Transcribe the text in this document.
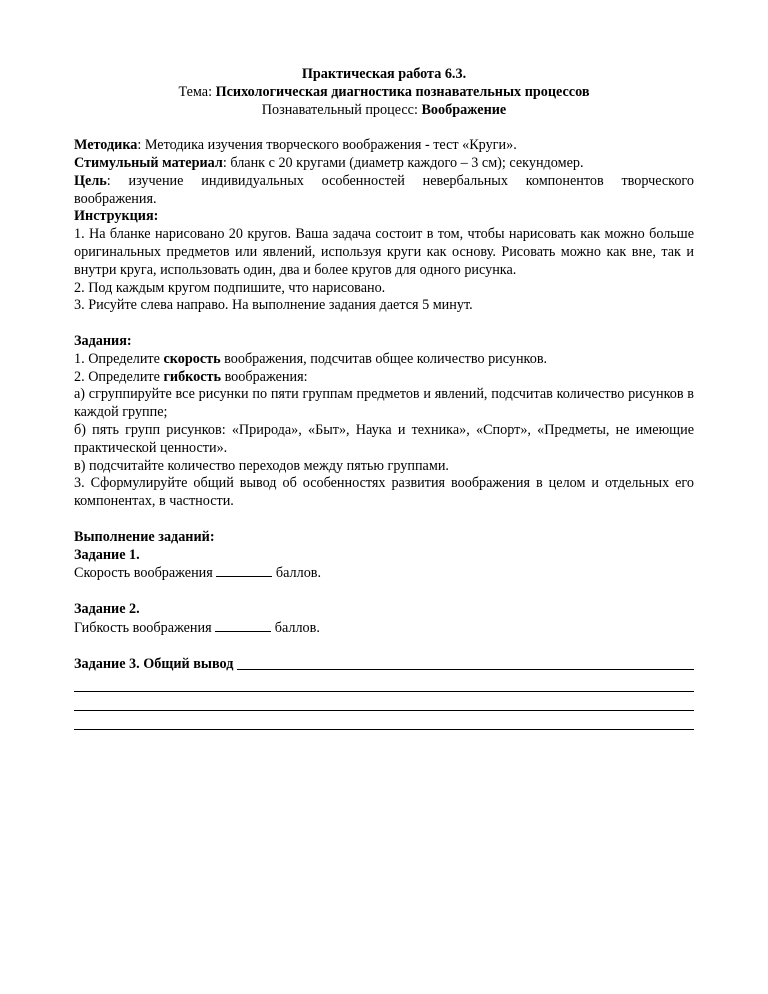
Практическая работа 6.3.

Тема: Психологическая диагностика познавательных процессов

Познавательный процесс: Воображение

Методика: Методика изучения творческого воображения - тест «Круги».

Стимульный материал: бланк с 20 кругами (диаметр каждого – 3 см); секундомер.

Цель: изучение индивидуальных особенностей невербальных компонентов творческого воображения.

Инструкция:

1. На бланке нарисовано 20 кругов. Ваша задача состоит в том, чтобы нарисовать как можно больше оригинальных предметов или явлений, используя круги как основу. Рисовать можно как вне, так и внутри круга, использовать один, два и более кругов для одного рисунка.

2. Под каждым кругом подпишите, что нарисовано.

3. Рисуйте слева направо. На выполнение задания дается 5 минут.

Задания:

1. Определите скорость воображения, подсчитав общее количество рисунков.

2. Определите гибкость воображения:

а) сгруппируйте все рисунки по пяти группам предметов и явлений, подсчитав количество рисунков в каждой группе;

б) пять групп рисунков: «Природа», «Быт», Наука и техника», «Спорт», «Предметы, не имеющие практической ценности».

в) подсчитайте количество переходов между пятью группами.

3. Сформулируйте общий вывод об особенностях развития воображения в целом и отдельных его компонентах, в частности.

Выполнение заданий:

Задание 1.

Скорость воображения	баллов.

Задание 2.

Гибкость воображения	баллов.

Задание 3. Общий вывод
